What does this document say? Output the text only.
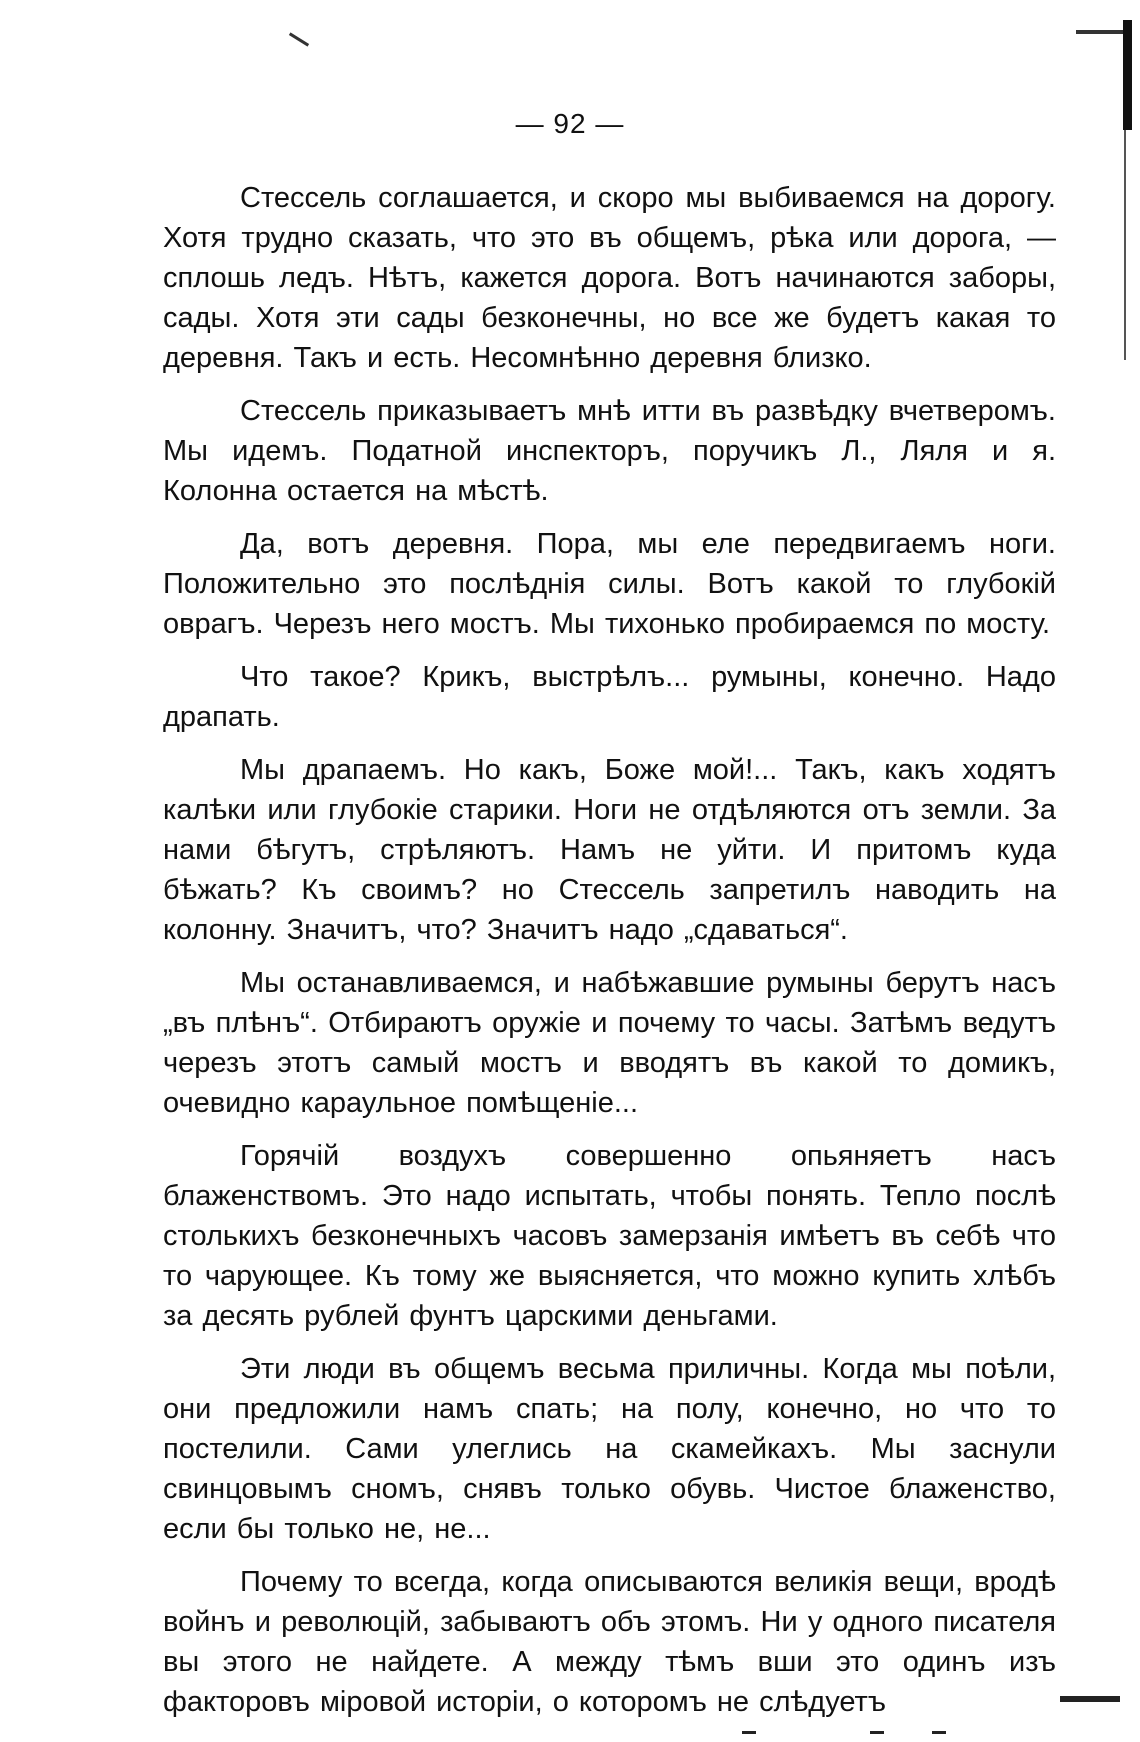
— 92 —

Стессель соглашается, и скоро мы выбиваемся на дорогу. Хотя трудно сказать, что это въ общемъ, рѣка или дорога, — сплошь ледъ. Нѣтъ, кажется дорога. Вотъ начинаются заборы, сады. Хотя эти сады безконечны, но все же будетъ какая то деревня. Такъ и есть. Несомнѣнно деревня близко.

Стессель приказываетъ мнѣ итти въ развѣдку вчетверомъ. Мы идемъ. Податной инспекторъ, поручикъ Л., Ляля и я. Колонна остается на мѣстѣ.

Да, вотъ деревня. Пора, мы еле передвигаемъ ноги. Положительно это послѣднія силы. Вотъ какой то глубокій оврагъ. Черезъ него мостъ. Мы тихонько пробираемся по мосту.

Что такое? Крикъ, выстрѣлъ... румыны, конечно. Надо драпать.

Мы драпаемъ. Но какъ, Боже мой!... Такъ, какъ ходятъ калѣки или глубокіе старики. Ноги не отдѣляются отъ земли. За нами бѣгутъ, стрѣляютъ. Намъ не уйти. И притомъ куда бѣжать? Къ своимъ? но Стессель запретилъ наводить на колонну. Значитъ, что? Значитъ надо „сдаваться“.

Мы останавливаемся, и набѣжавшие румыны берутъ насъ „въ плѣнъ“. Отбираютъ оружіе и почему то часы. Затѣмъ ведутъ черезъ этотъ самый мостъ и вводятъ въ какой то домикъ, очевидно караульное помѣщеніе...

Горячій воздухъ совершенно опьяняетъ насъ блаженствомъ. Это надо испытать, чтобы понять. Тепло послѣ столькихъ безконечныхъ часовъ замерзанія имѣетъ въ себѣ что то чарующее. Къ тому же выясняется, что можно купить хлѣбъ за десять рублей фунтъ царскими деньгами.

Эти люди въ общемъ весьма приличны. Когда мы поѣли, они предложили намъ спать; на полу, конечно, но что то постелили. Сами улеглись на скамейкахъ. Мы заснули свинцовымъ сномъ, снявъ только обувь. Чистое блаженство, если бы только не, не...

Почему то всегда, когда описываются великія вещи, вродѣ войнъ и революцій, забываютъ объ этомъ. Ни у одного писателя вы этого не найдете. А между тѣмъ вши это одинъ изъ факторовъ міровой исторіи, о которомъ не слѣдуетъ
